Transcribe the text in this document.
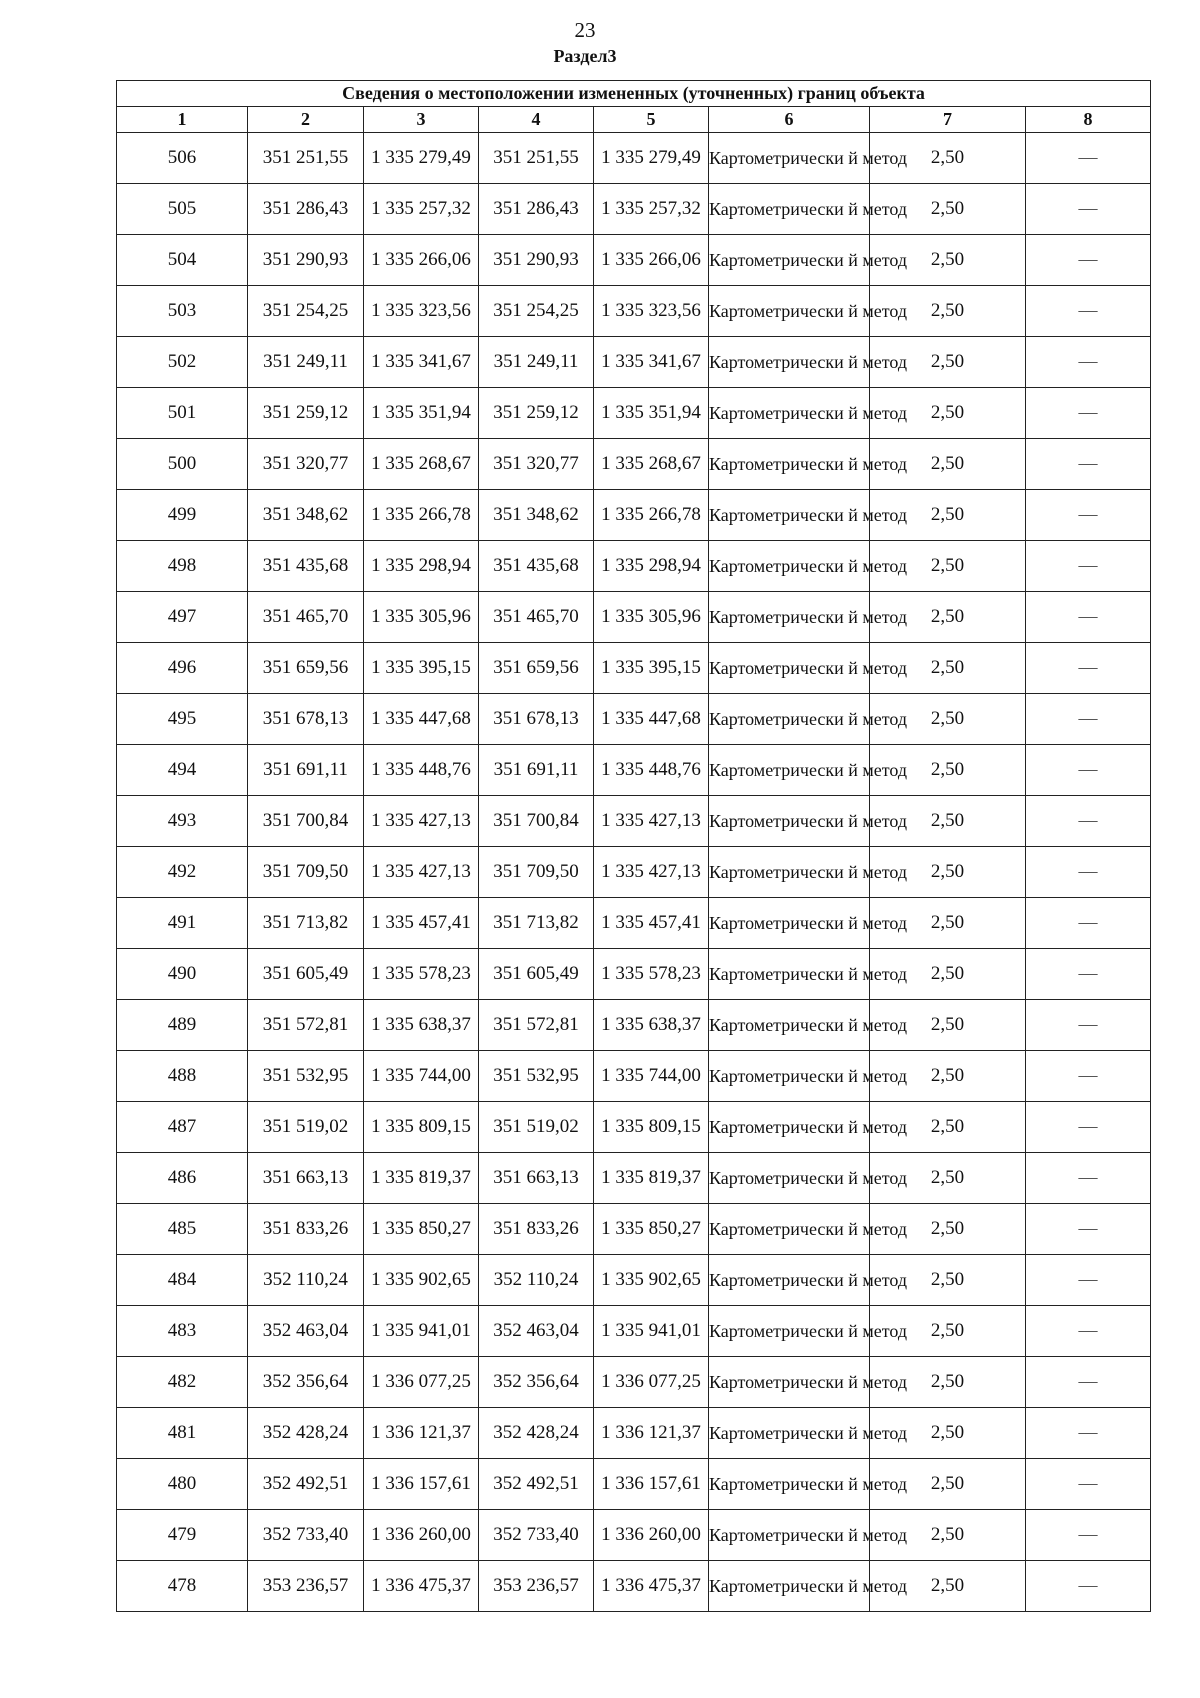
23
Раздел3
Сведения о местоположении измененных (уточненных) границ объекта							
1	2	3	4	5	6	7	8
506	351 251,55	1 335 279,49	351 251,55	1 335 279,49	Картометрически й метод	2,50	—
505	351 286,43	1 335 257,32	351 286,43	1 335 257,32	Картометрически й метод	2,50	—
504	351 290,93	1 335 266,06	351 290,93	1 335 266,06	Картометрически й метод	2,50	—
503	351 254,25	1 335 323,56	351 254,25	1 335 323,56	Картометрически й метод	2,50	—
502	351 249,11	1 335 341,67	351 249,11	1 335 341,67	Картометрически й метод	2,50	—
501	351 259,12	1 335 351,94	351 259,12	1 335 351,94	Картометрически й метод	2,50	—
500	351 320,77	1 335 268,67	351 320,77	1 335 268,67	Картометрически й метод	2,50	—
499	351 348,62	1 335 266,78	351 348,62	1 335 266,78	Картометрически й метод	2,50	—
498	351 435,68	1 335 298,94	351 435,68	1 335 298,94	Картометрически й метод	2,50	—
497	351 465,70	1 335 305,96	351 465,70	1 335 305,96	Картометрически й метод	2,50	—
496	351 659,56	1 335 395,15	351 659,56	1 335 395,15	Картометрически й метод	2,50	—
495	351 678,13	1 335 447,68	351 678,13	1 335 447,68	Картометрически й метод	2,50	—
494	351 691,11	1 335 448,76	351 691,11	1 335 448,76	Картометрически й метод	2,50	—
493	351 700,84	1 335 427,13	351 700,84	1 335 427,13	Картометрически й метод	2,50	—
492	351 709,50	1 335 427,13	351 709,50	1 335 427,13	Картометрически й метод	2,50	—
491	351 713,82	1 335 457,41	351 713,82	1 335 457,41	Картометрически й метод	2,50	—
490	351 605,49	1 335 578,23	351 605,49	1 335 578,23	Картометрически й метод	2,50	—
489	351 572,81	1 335 638,37	351 572,81	1 335 638,37	Картометрически й метод	2,50	—
488	351 532,95	1 335 744,00	351 532,95	1 335 744,00	Картометрически й метод	2,50	—
487	351 519,02	1 335 809,15	351 519,02	1 335 809,15	Картометрически й метод	2,50	—
486	351 663,13	1 335 819,37	351 663,13	1 335 819,37	Картометрически й метод	2,50	—
485	351 833,26	1 335 850,27	351 833,26	1 335 850,27	Картометрически й метод	2,50	—
484	352 110,24	1 335 902,65	352 110,24	1 335 902,65	Картометрически й метод	2,50	—
483	352 463,04	1 335 941,01	352 463,04	1 335 941,01	Картометрически й метод	2,50	—
482	352 356,64	1 336 077,25	352 356,64	1 336 077,25	Картометрически й метод	2,50	—
481	352 428,24	1 336 121,37	352 428,24	1 336 121,37	Картометрически й метод	2,50	—
480	352 492,51	1 336 157,61	352 492,51	1 336 157,61	Картометрически й метод	2,50	—
479	352 733,40	1 336 260,00	352 733,40	1 336 260,00	Картометрически й метод	2,50	—
478	353 236,57	1 336 475,37	353 236,57	1 336 475,37	Картометрически й метод	2,50	—
